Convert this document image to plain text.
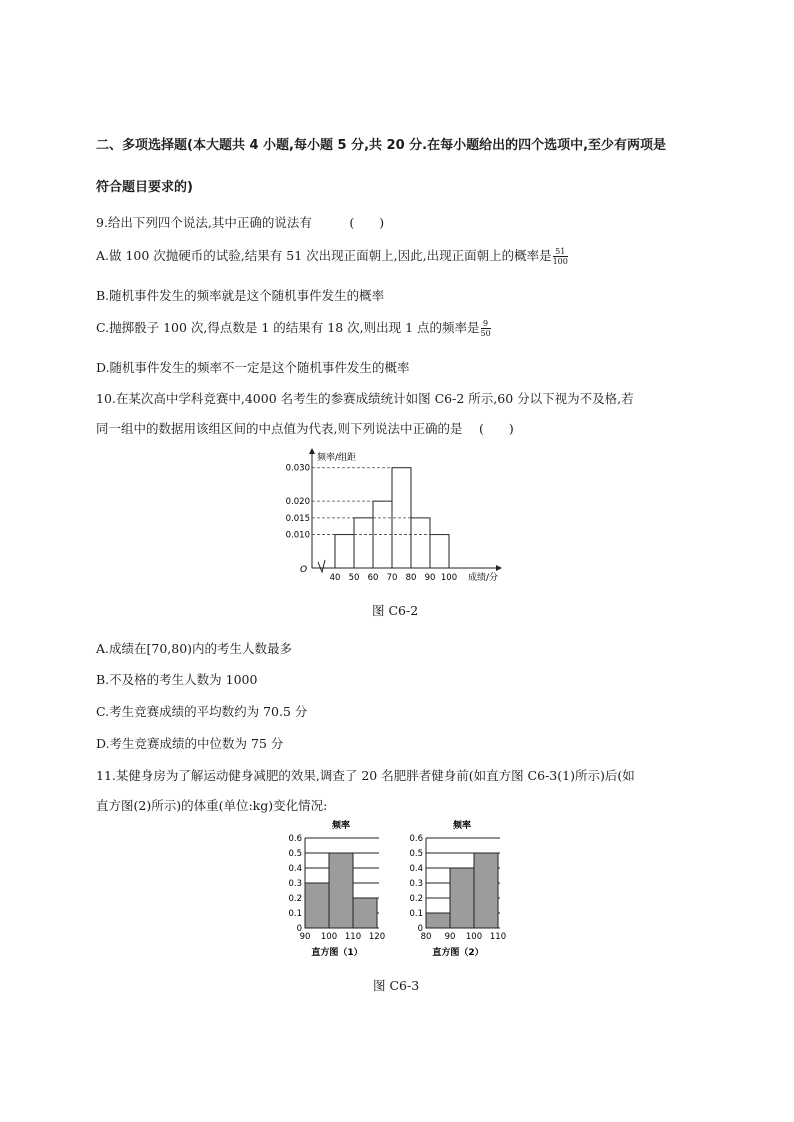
二、多项选择题(本大题共 4 小题,每小题 5 分,共 20 分.在每小题给出的四个选项中,至少有两项是
符合题目要求的)
9.给出下列四个说法,其中正确的说法有　　　(　　)
A.做 100 次抛硬币的试验,结果有 51 次出现正面朝上,因此,出现正面朝上的概率是 $\frac{51}{100}$
B.随机事件发生的频率就是这个随机事件发生的概率
C.抛掷骰子 100 次,得点数是 1 的结果有 18 次,则出现 1 点的频率是 $\frac{9}{50}$
D.随机事件发生的频率不一定是这个随机事件发生的概率
10.在某次高中学科竞赛中,4000 名考生的参赛成绩统计如图 C6-2 所示,60 分以下视为不及格,若
同一组中的数据用该组区间的中点值为代表,则下列说法中正确的是　 (　　)
O
频率/组距
成绩/分
0.010
0.015
0.020
0.030
40 50 60 70 80 90 100
图 C6-2
A.成绩在[70,80)内的考生人数最多
B.不及格的考生人数为 1000
C.考生竞赛成绩的平均数约为 70.5 分
D.考生竞赛成绩的中位数为 75 分
11.某健身房为了解运动健身减肥的效果,调查了 20 名肥胖者健身前(如直方图 C6-3(1)所示)后(如
直方图(2)所示)的体重(单位:kg)变化情况:
0
0.1
0.2
0.3
0.4
0.5
0.6
频率
90 100 110 120
直方图（1）
0
0.1
0.2
0.3
0.4
0.5
0.6
频率
80 90 100 110
直方图（2）
图 C6-3
